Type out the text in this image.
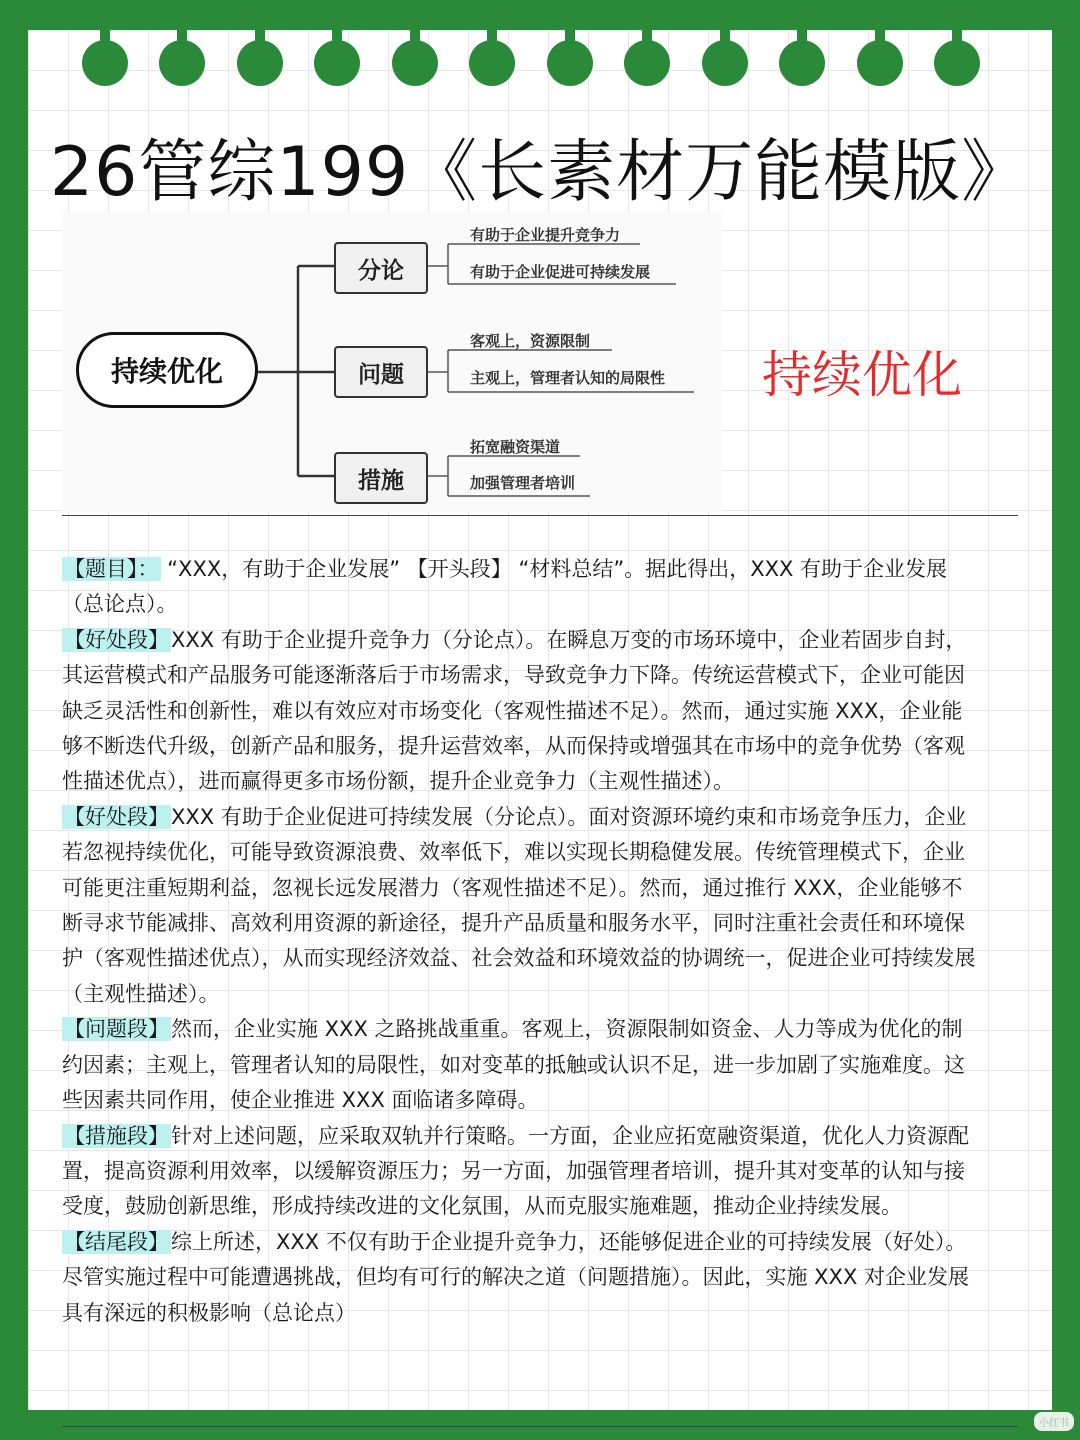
26管综199《长素材万能模版》
持续优化
分论
有助于企业提升竞争力
有助于企业促进可持续发展
问题
客观上，资源限制
主观上，管理者认知的局限性
措施
拓宽融资渠道
加强管理者培训
持续优化

【题目】： “XXX，有助于企业发展” 【开头段】 “材料总结”。据此得出，XXX 有助于企业发展（总论点）。

【好处段】XXX 有助于企业提升竞争力（分论点）。在瞬息万变的市场环境中，企业若固步自封，其运营模式和产品服务可能逐渐落后于市场需求，导致竞争力下降。传统运营模式下，企业可能因缺乏灵活性和创新性，难以有效应对市场变化（客观性描述不足）。然而，通过实施 XXX，企业能够不断迭代升级，创新产品和服务，提升运营效率，从而保持或增强其在市场中的竞争优势（客观性描述优点），进而赢得更多市场份额，提升企业竞争力（主观性描述）。

【好处段】XXX 有助于企业促进可持续发展（分论点）。面对资源环境约束和市场竞争压力，企业若忽视持续优化，可能导致资源浪费、效率低下，难以实现长期稳健发展。传统管理模式下，企业可能更注重短期利益，忽视长远发展潜力（客观性描述不足）。然而，通过推行 XXX，企业能够不断寻求节能减排、高效利用资源的新途径，提升产品质量和服务水平，同时注重社会责任和环境保护（客观性描述优点），从而实现经济效益、社会效益和环境效益的协调统一，促进企业可持续发展（主观性描述）。

【问题段】然而，企业实施 XXX 之路挑战重重。客观上，资源限制如资金、人力等成为优化的制约因素；主观上，管理者认知的局限性，如对变革的抵触或认识不足，进一步加剧了实施难度。这些因素共同作用，使企业推进 XXX 面临诸多障碍。

【措施段】针对上述问题，应采取双轨并行策略。一方面，企业应拓宽融资渠道，优化人力资源配置，提高资源利用效率，以缓解资源压力；另一方面，加强管理者培训，提升其对变革的认知与接受度，鼓励创新思维，形成持续改进的文化氛围，从而克服实施难题，推动企业持续发展。

【结尾段】综上所述，XXX 不仅有助于企业提升竞争力，还能够促进企业的可持续发展（好处）。尽管实施过程中可能遭遇挑战，但均有可行的解决之道（问题措施）。因此，实施 XXX 对企业发展具有深远的积极影响（总论点）

小红书
